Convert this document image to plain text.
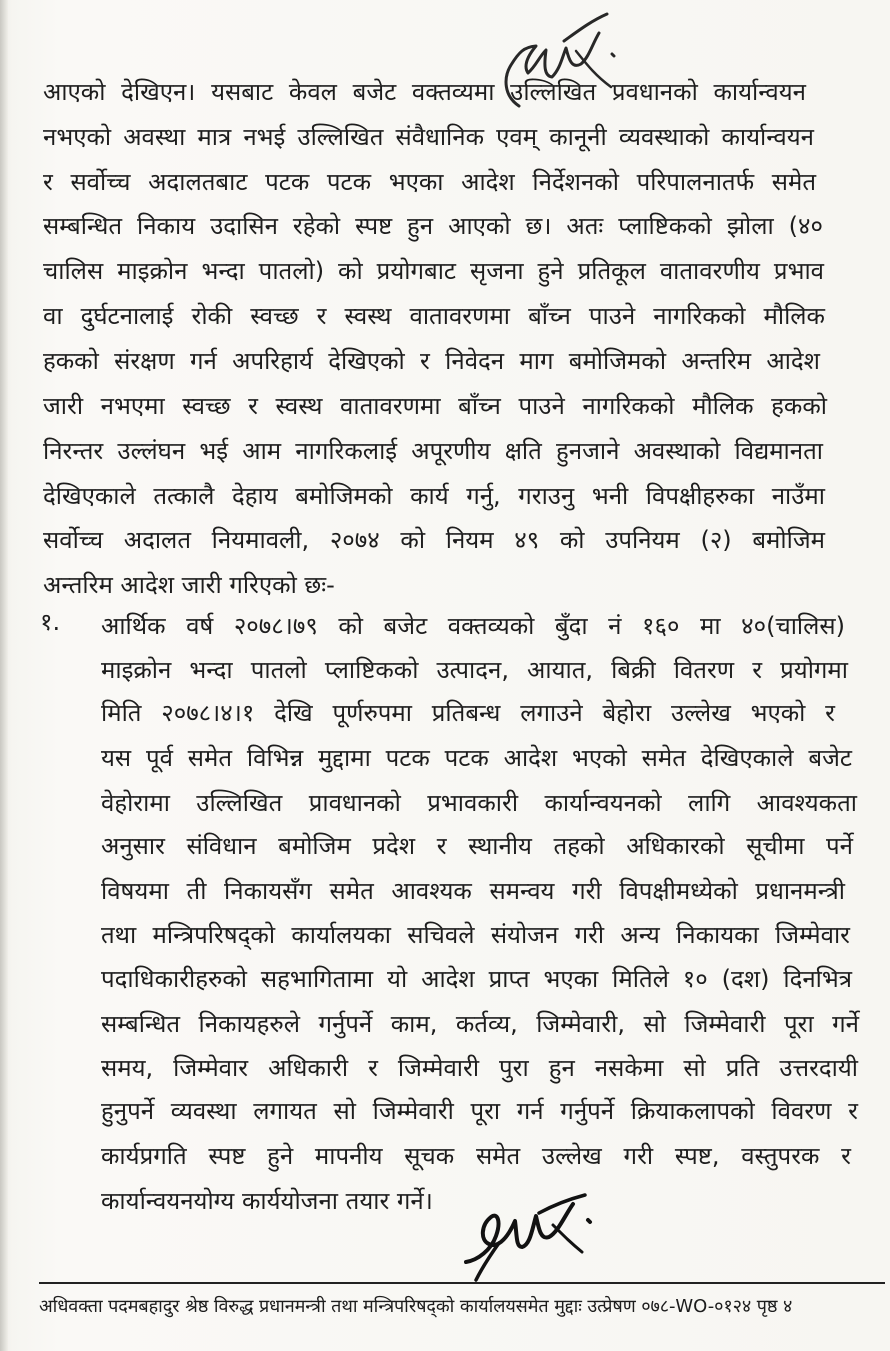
आएको देखिएन। यसबाट केवल बजेट वक्तव्यमा उल्लिखित प्रवधानको कार्यान्वयन
नभएको अवस्था मात्र नभई उल्लिखित संवैधानिक एवम् कानूनी व्यवस्थाको कार्यान्वयन
र सर्वोच्च अदालतबाट पटक पटक भएका आदेश निर्देशनको परिपालनातर्फ समेत
सम्बन्धित निकाय उदासिन रहेको स्पष्ट हुन आएको छ। अतः प्लाष्टिकको झोला (४०
चालिस माइक्रोन भन्दा पातलो) को प्रयोगबाट सृजना हुने प्रतिकूल वातावरणीय प्रभाव
वा दुर्घटनालाई रोकी स्वच्छ र स्वस्थ वातावरणमा बाँच्न पाउने नागरिकको मौलिक
हकको संरक्षण गर्न अपरिहार्य देखिएको र निवेदन माग बमोजिमको अन्तरिम आदेश
जारी नभएमा स्वच्छ र स्वस्थ वातावरणमा बाँच्न पाउने नागरिकको मौलिक हकको
निरन्तर उल्लंघन भई आम नागरिकलाई अपूरणीय क्षति हुनजाने अवस्थाको विद्यमानता
देखिएकाले तत्कालै देहाय बमोजिमको कार्य गर्नु, गराउनु भनी विपक्षीहरुका नाउँमा
सर्वोच्च अदालत नियमावली, २०७४ को नियम ४९ को उपनियम (२) बमोजिम
अन्तरिम आदेश जारी गरिएको छः-
१. आर्थिक वर्ष २०७८।७९ को बजेट वक्तव्यको बुँदा नं १६० मा ४०(चालिस)
माइक्रोन भन्दा पातलो प्लाष्टिकको उत्पादन, आयात, बिक्री वितरण र प्रयोगमा
मिति २०७८।४।१ देखि पूर्णरुपमा प्रतिबन्ध लगाउने बेहोरा उल्लेख भएको र
यस पूर्व समेत विभिन्न मुद्दामा पटक पटक आदेश भएको समेत देखिएकाले बजेट
वेहोरामा उल्लिखित प्रावधानको प्रभावकारी कार्यान्वयनको लागि आवश्यकता
अनुसार संविधान बमोजिम प्रदेश र स्थानीय तहको अधिकारको सूचीमा पर्ने
विषयमा ती निकायसँग समेत आवश्यक समन्वय गरी विपक्षीमध्येको प्रधानमन्त्री
तथा मन्त्रिपरिषद्को कार्यालयका सचिवले संयोजन गरी अन्य निकायका जिम्मेवार
पदाधिकारीहरुको सहभागितामा यो आदेश प्राप्त भएका मितिले १० (दश) दिनभित्र
सम्बन्धित निकायहरुले गर्नुपर्ने काम, कर्तव्य, जिम्मेवारी, सो जिम्मेवारी पूरा गर्ने
समय, जिम्मेवार अधिकारी र जिम्मेवारी पुरा हुन नसकेमा सो प्रति उत्तरदायी
हुनुपर्ने व्यवस्था लगायत सो जिम्मेवारी पूरा गर्न गर्नुपर्ने क्रियाकलापको विवरण र
कार्यप्रगति स्पष्ट हुने मापनीय सूचक समेत उल्लेख गरी स्पष्ट, वस्तुपरक र
कार्यान्वयनयोग्य कार्ययोजना तयार गर्ने।
अधिवक्ता पदमबहादुर श्रेष्ठ विरुद्ध प्रधानमन्त्री तथा मन्त्रिपरिषद्को कार्यालयसमेत मुद्दाः उत्प्रेषण ०७८-WO-०१२४ पृष्ठ ४
